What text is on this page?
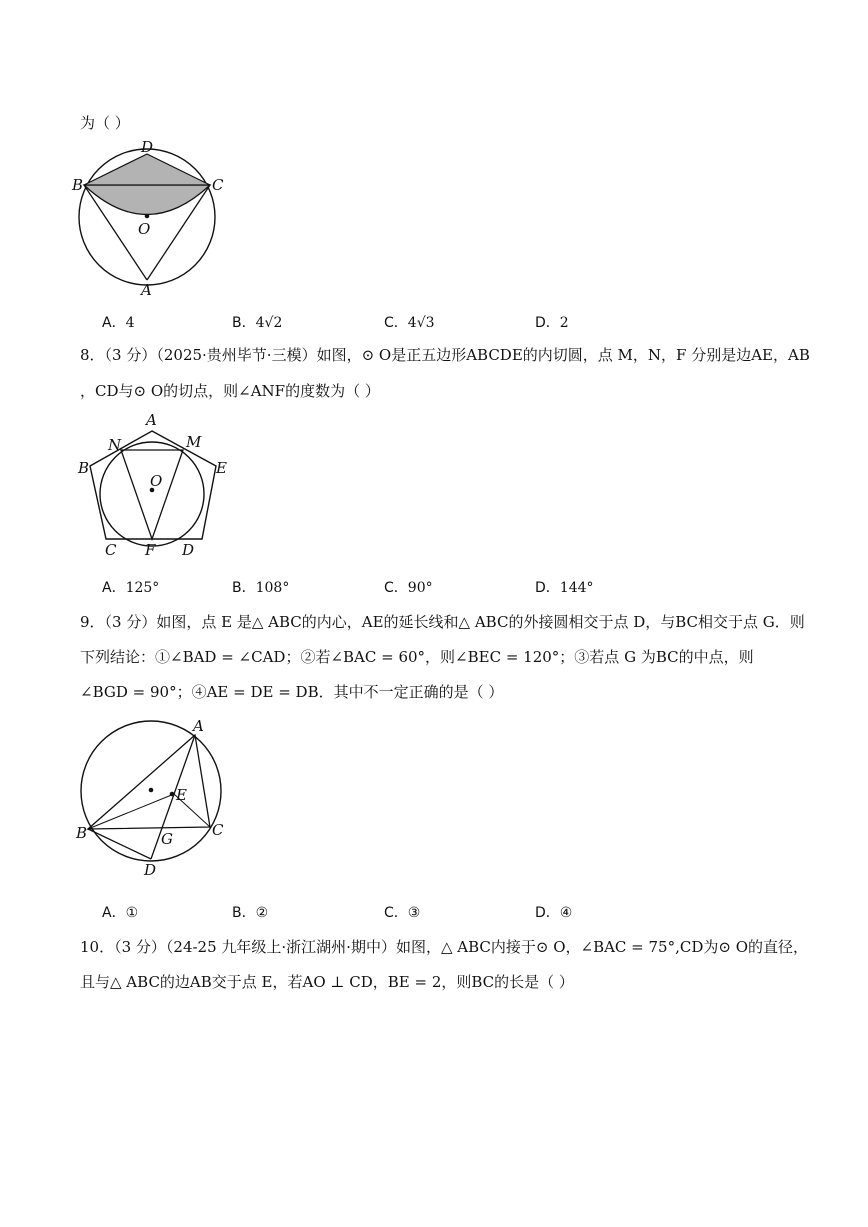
为（ ）
D
B	C
O
A
A．4	B．4√2	C．4√3	D．2
8．（3 分）（2025·贵州毕节·三模）如图，⊙ O是正五边形ABCDE的内切圆，点 M，N，F 分别是边AE，AB
，CD与⊙ O的切点，则∠ANF的度数为（ ）
A
N	M
B	E
O
C F D
A．125°	B．108°	C．90°	D．144°
9．（3 分）如图，点 E 是△ ABC的内心，AE的延长线和△ ABC的外接圆相交于点 D，与BC相交于点 G．则
下列结论：①∠BAD = ∠CAD；②若∠BAC = 60°，则∠BEC = 120°；③若点 G 为BC的中点，则
∠BGD = 90°；④AE = DE = DB．其中不一定正确的是（ ）
A
E
B	G	C
D
A．①	B．②	C．③	D．④
10．（3 分）（24-25 九年级上·浙江湖州·期中）如图，△ ABC内接于⊙ O，∠BAC = 75°,CD为⊙ O的直径，
且与△ ABC的边AB交于点 E，若AO ⊥ CD，BE = 2，则BC的长是（ ）
